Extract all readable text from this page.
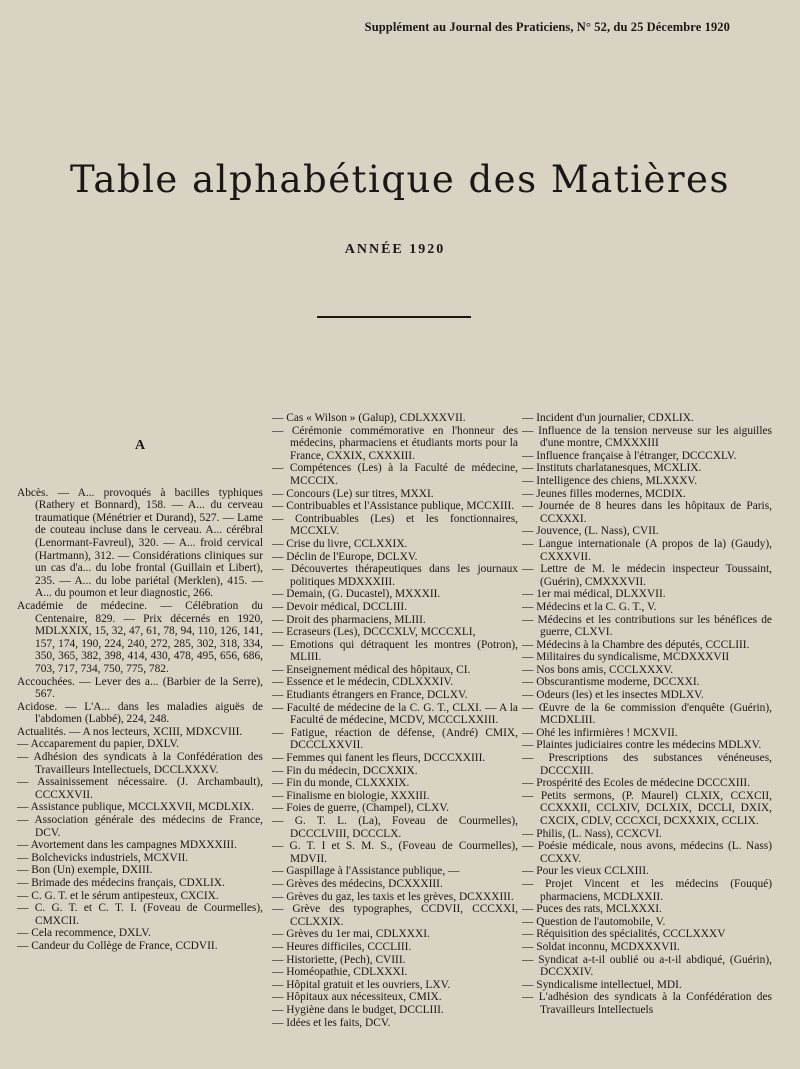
Supplément au Journal des Praticiens, N° 52, du 25 Décembre 1920
Table alphabétique des Matières
ANNÉE 1920
A

Abcès. — A... provoqués à bacilles typhiques (Rathery et Bonnard), 158. — A... du cerveau traumatique (Ménétrier et Durand), 527. — Lame de couteau incluse dans le cerveau. A... cérébral (Lenormant-Favreul), 320. — A... froid cervical (Hartmann), 312. — Considérations cliniques sur un cas d'a... du lobe frontal (Guillain et Libert), 235. — A... du lobe pariétal (Merklen), 415. — A... du poumon et leur diagnostic, 266.

Académie de médecine. — Célébration du Centenaire, 829. — Prix décernés en 1920, MDLXXIX, 15, 32, 47, 61, 78, 94, 110, 126, 141, 157, 174, 190, 224, 240, 272, 285, 302, 318, 334, 350, 365, 382, 398, 414, 430, 478, 495, 656, 686, 703, 717, 734, 750, 775, 782.

Accouchées. — Lever des a... (Barbier de la Serre), 567.

Acidose. — L'A... dans les maladies aiguës de l'abdomen (Labbé), 224, 248.

Actualités. — A nos lecteurs, XCIII, MDXCVIII.

— Accaparement du papier, DXLV.

— Adhésion des syndicats à la Confédération des Travailleurs Intellectuels, DCCLXXXV.

— Assainissement nécessaire. (J. Archambault), CCCXXVII.

— Assistance publique, MCCLXXVII, MCDLXIX.

— Association générale des médecins de France, DCV.

— Avortement dans les campagnes MDXXXIII.

— Bolchevicks industriels, MCXVII.

— Bon (Un) exemple, DXIII.

— Brimade des médecins français, CDXLIX.

— C. G. T. et le sérum antipesteux, CXCIX.

— C. G. T. et C. T. I. (Foveau de Courmelles), CMXCII.

— Cela recommence, DXLV.

— Candeur du Collège de France, CCDVII.

— Cas « Wilson » (Galup), CDLXXXVII.

— Cérémonie commémorative en l'honneur des médecins, pharmaciens et étudiants morts pour la France, CXXIX, CXXXIII.

— Compétences (Les) à la Faculté de médecine, MCCCIX.

— Concours (Le) sur titres, MXXI.

— Contribuables et l'Assistance publique, MCCXIII.

— Contribuables (Les) et les fonctionnaires, MCCXLV.

— Crise du livre, CCLXXIX.

— Déclin de l'Europe, DCLXV.

— Découvertes thérapeutiques dans les journaux politiques MDXXXIII.

— Demain, (G. Ducastel), MXXXII.

— Devoir médical, DCCLIII.

— Droit des pharmaciens, MLIII.

— Ecraseurs (Les), DCCCXLV, MCCCXLI,

— Emotions qui détraquent les montres (Potron), MLIII.

— Enseignement médical des hôpitaux, CI.

— Essence et le médecin, CDLXXXIV.

— Etudiants étrangers en France, DCLXV.

— Faculté de médecine de la C. G. T., CLXI. — A la Faculté de médecine, MCDV, MCCCLXXIII.

— Fatigue, réaction de défense, (André) CMIX, DCCCLXXVII.

— Femmes qui fanent les fleurs, DCCCXXIII.

— Fin du médecin, DCCXXIX.

— Fin du monde, CLXXXIX.

— Finalisme en biologie, XXXIII.

— Foies de guerre, (Champel), CLXV.

— G. T. L. (La), Foveau de Courmelles), DCCCLVIII, DCCCLX.

— G. T. I et S. M. S., (Foveau de Courmelles), MDVII.

— Gaspillage à l'Assistance publique, —

— Grèves des médecins, DCXXXIII.

— Grèves du gaz, les taxis et les grèves, DCXXXIII.

— Grève des typographes, CCDVII, CCCXXI, CCLXXIX.

— Grèves du 1er mai, CDLXXXI.

— Heures difficiles, CCCLIII.

— Historiette, (Pech), CVIII.

— Homéopathie, CDLXXXI.

— Hôpital gratuit et les ouvriers, LXV.

— Hôpitaux aux nécessiteux, CMIX.

— Hygiène dans le budget, DCCLIII.

— Idées et les faits, DCV.

— Incident d'un journalier, CDXLIX.

— Influence de la tension nerveuse sur les aiguilles d'une montre, CMXXXIII

— Influence française à l'étranger, DCCCXLV.

— Instituts charlatanesques, MCXLIX.

— Intelligence des chiens, MLXXXV.

— Jeunes filles modernes, MCDIX.

— Journée de 8 heures dans les hôpitaux de Paris, CCXXXI.

— Jouvence, (L. Nass), CVII.

— Langue internationale (A propos de la) (Gaudy), CXXXVII.

— Lettre de M. le médecin inspecteur Toussaint, (Guérin), CMXXXVII.

— 1er mai médical, DLXXVII.

— Médecins et la C. G. T., V.

— Médecins et les contributions sur les bénéfices de guerre, CLXVI.

— Médecins à la Chambre des députés, CCCLIII.

— Militaires du syndicalisme, MCDXXXVII

— Nos bons amis, CCCLXXXV.

— Obscurantisme moderne, DCCXXI.

— Odeurs (les) et les insectes MDLXV.

— Œuvre de la 6e commission d'enquête (Guérin), MCDXLIII.

— Ohé les infirmières ! MCXVII.

— Plaintes judiciaires contre les médecins MDLXV.

— Prescriptions des substances vénéneuses, DCCCXIII.

— Prospérité des Ecoles de médecine DCCCXIII.

— Petits sermons, (P. Maurel) CLXIX, CCXCII, CCXXXII, CCLXIV, DCLXIX, DCCLI, DXIX, CXCIX, CDLV, CCCXCI, DCXXXIX, CCLIX.

— Philis, (L. Nass), CCXCVI.

— Poésie médicale, nous avons, médecins (L. Nass) CCXXV.

— Pour les vieux CCLXIII.

— Projet Vincent et les médecins (Fouqué) pharmaciens, MCDLXXII.

— Puces des rats, MCLXXXI.

— Question de l'automobile, V.

— Réquisition des spécialités, CCCLXXXV

— Soldat inconnu, MCDXXXVII.

— Syndicat a-t-il oublié ou a-t-il abdiqué, (Guérin), DCCXXIV.

— Syndicalisme intellectuel, MDI.

— L'adhésion des syndicats à la Confédération des Travailleurs Intellectuels
